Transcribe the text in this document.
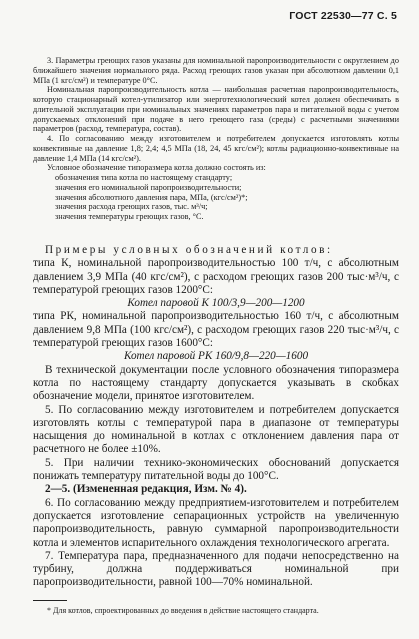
ГОСТ 22530—77 С. 5

3. Параметры греющих газов указаны для номинальной паропроизводительности с округлением до ближайшего значения нормального ряда. Расход греющих газов указан при абсолютном давлении 0,1 МПа (1 кгс/см²) и температуре 0°С.

Номинальная паропроизводительность котла — наибольшая расчетная паропроизводительность, которую стационарный котел-утилизатор или энерготехнологический котел должен обеспечивать в длительной эксплуатации при номинальных значениях параметров пара и питательной воды с учетом допускаемых отклонений при подаче в него греющего газа (среды) с расчетными значениями параметров (расход, температура, состав).

4. По согласованию между изготовителем и потребителем допускается изготовлять котлы конвективные на давление 1,8; 2,4; 4,5 МПа (18, 24, 45 кгс/см²); котлы радиационно-конвективные на давление 1,4 МПа (14 кгс/см²).

Условное обозначение типоразмера котла должно состоять из:

обозначения типа котла по настоящему стандарту;

значения его номинальной паропроизводительности;

значения абсолютного давления пара, МПа, (кгс/см²)*;

значения расхода греющих газов, тыс. м³/ч;

значения температуры греющих газов, °С.

Примеры условных обозначений котлов:

типа К, номинальной паропроизводительностью 100 т/ч, с абсолютным давлением 3,9 МПа (40 кгс/см²), с расходом греющих газов 200 тыс·м³/ч, с температурой греющих газов 1200°С:

Котел паровой К 100/3,9—200—1200

типа РК, номинальной паропроизводительностью 160 т/ч, с абсолютным давлением 9,8 МПа (100 кгс/см²), с расходом греющих газов 220 тыс·м³/ч, с температурой греющих газов 1600°С:

Котел паровой РК 160/9,8—220—1600

В технической документации после условного обозначения типоразмера котла по настоящему стандарту допускается указывать в скобках обозначение модели, принятое изготовителем.

5. По согласованию между изготовителем и потребителем допускается изготовлять котлы с температурой пара в диапазоне от температуры насыщения до номинальной в котлах с отклонением давления пара от расчетного не более ±10%.

5. При наличии технико-экономических обоснований допускается понижать температуру питательной воды до 100°С.

2—5. (Измененная редакция, Изм. № 4).

6. По согласованию между предприятием-изготовителем и потребителем допускается изготовление сепарационных устройств на увеличенную паропроизводительность, равную суммарной паропроизводительности котла и элементов испарительного охлаждения технологического агрегата.

7. Температура пара, предназначенного для подачи непосредственно на турбину, должна поддерживаться номинальной при паропроизводительности, равной 100—70% номинальной.

* Для котлов, спроектированных до введения в действие настоящего стандарта.
